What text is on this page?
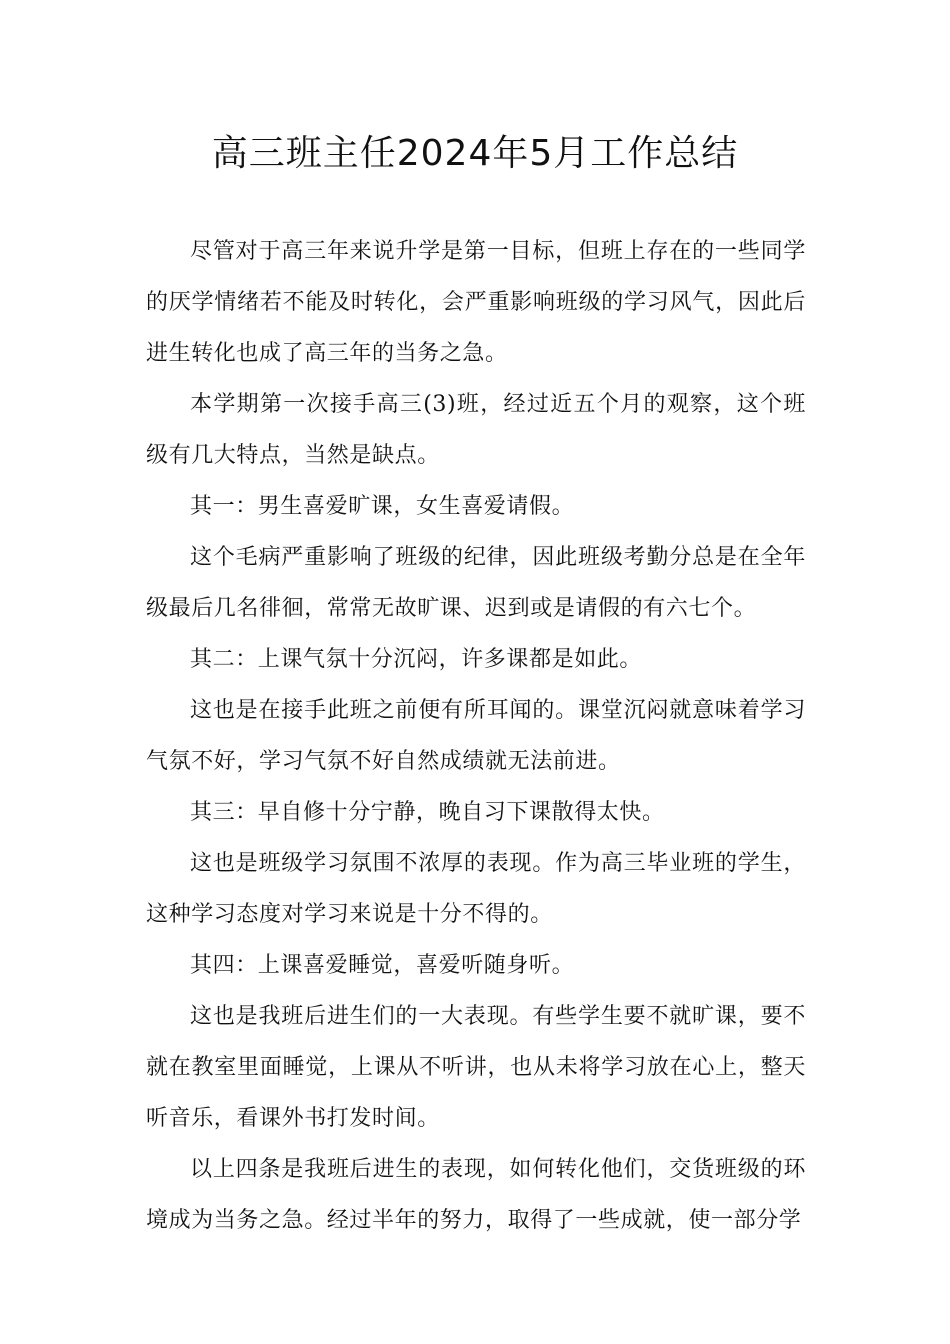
高三班主任2024年5月工作总结

尽管对于高三年来说升学是第一目标，但班上存在的一些同学的厌学情绪若不能及时转化，会严重影响班级的学习风气，因此后进生转化也成了高三年的当务之急。

本学期第一次接手高三(3)班，经过近五个月的观察，这个班级有几大特点，当然是缺点。

其一：男生喜爱旷课，女生喜爱请假。

这个毛病严重影响了班级的纪律，因此班级考勤分总是在全年级最后几名徘徊，常常无故旷课、迟到或是请假的有六七个。

其二：上课气氛十分沉闷，许多课都是如此。

这也是在接手此班之前便有所耳闻的。课堂沉闷就意味着学习气氛不好，学习气氛不好自然成绩就无法前进。

其三：早自修十分宁静，晚自习下课散得太快。

这也是班级学习氛围不浓厚的表现。作为高三毕业班的学生，这种学习态度对学习来说是十分不得的。

其四：上课喜爱睡觉，喜爱听随身听。

这也是我班后进生们的一大表现。有些学生要不就旷课，要不就在教室里面睡觉，上课从不听讲，也从未将学习放在心上，整天听音乐，看课外书打发时间。

以上四条是我班后进生的表现，如何转化他们，交货班级的环境成为当务之急。经过半年的努力，取得了一些成就，使一部分学
